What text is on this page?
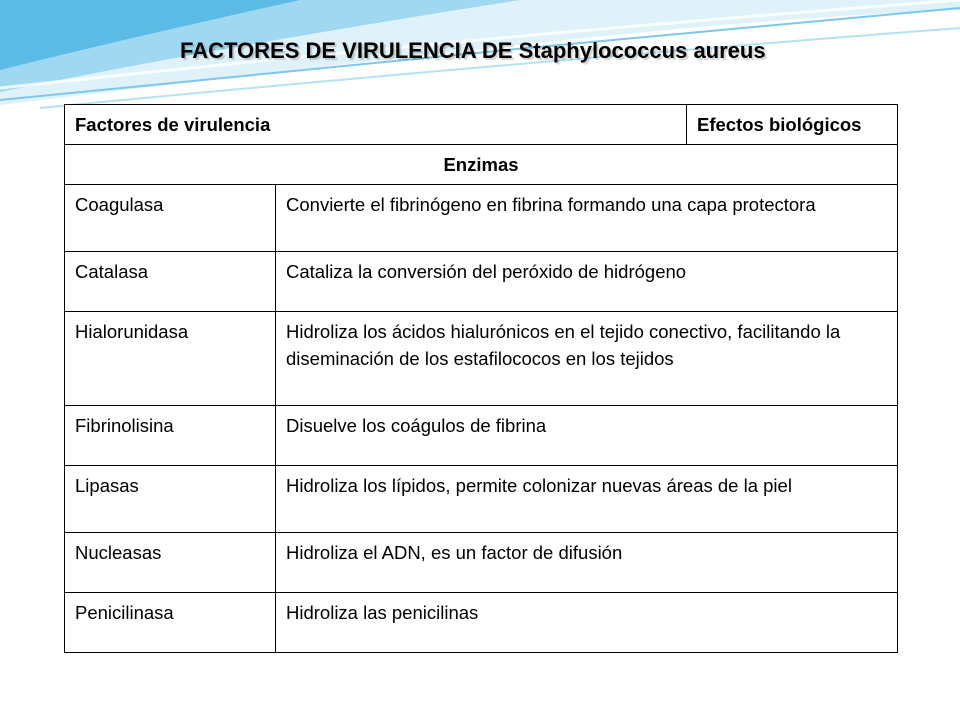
FACTORES DE VIRULENCIA DE Staphylococcus aureus
Factores de virulencia		Efectos biológicos
Enzimas		
Coagulasa	Convierte el fibrinógeno en fibrina formando una capa protectora	
Catalasa	Cataliza la conversión del peróxido de hidrógeno	
Hialorunidasa	Hidroliza los ácidos hialurónicos en el tejido conectivo, facilitando la diseminación de los estafilococos en los tejidos	
Fibrinolisina	Disuelve los coágulos de fibrina	
Lipasas	Hidroliza los lípidos, permite colonizar nuevas áreas de la piel	
Nucleasas	Hidroliza el ADN, es un factor de difusión	
Penicilinasa	Hidroliza las penicilinas	
